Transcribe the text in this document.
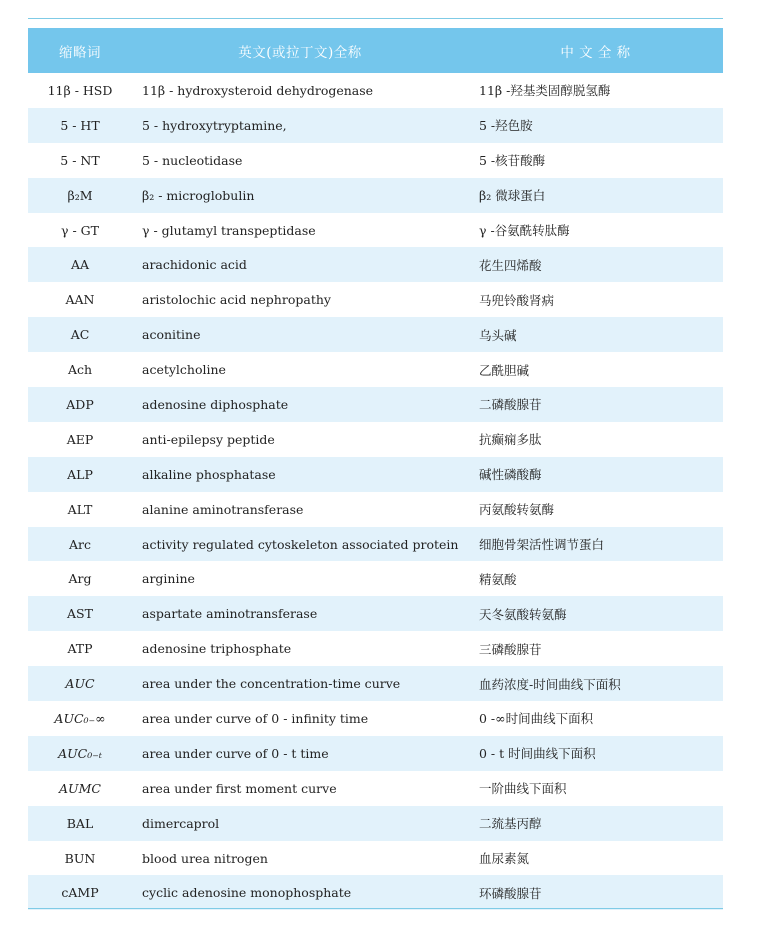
缩略词	英文(或拉丁文)全称	中 文 全 称
11β - HSD	11β - hydroxysteroid dehydrogenase	11β -羟基类固醇脱氢酶
5 - HT	5 - hydroxytryptamine,	5 -羟色胺
5 - NT	5 - nucleotidase	5 -核苷酸酶
β₂M	β₂ - microglobulin	β₂ 微球蛋白
γ - GT	γ - glutamyl transpeptidase	γ -谷氨酰转肽酶
AA	arachidonic acid	花生四烯酸
AAN	aristolochic acid nephropathy	马兜铃酸肾病
AC	aconitine	乌头碱
Ach	acetylcholine	乙酰胆碱
ADP	adenosine diphosphate	二磷酸腺苷
AEP	anti-epilepsy peptide	抗癫痫多肽
ALP	alkaline phosphatase	碱性磷酸酶
ALT	alanine aminotransferase	丙氨酸转氨酶
Arc	activity regulated cytoskeleton associated protein	细胞骨架活性调节蛋白
Arg	arginine	精氨酸
AST	aspartate aminotransferase	天冬氨酸转氨酶
ATP	adenosine triphosphate	三磷酸腺苷
AUC	area under the concentration-time curve	血药浓度-时间曲线下面积
AUC₀₋∞	area under curve of 0 - infinity time	0 -∞时间曲线下面积
AUC₀₋ₜ	area under curve of 0 - t time	0 - t 时间曲线下面积
AUMC	area under first moment curve	一阶曲线下面积
BAL	dimercaprol	二巯基丙醇
BUN	blood urea nitrogen	血尿素氮
cAMP	cyclic adenosine monophosphate	环磷酸腺苷
